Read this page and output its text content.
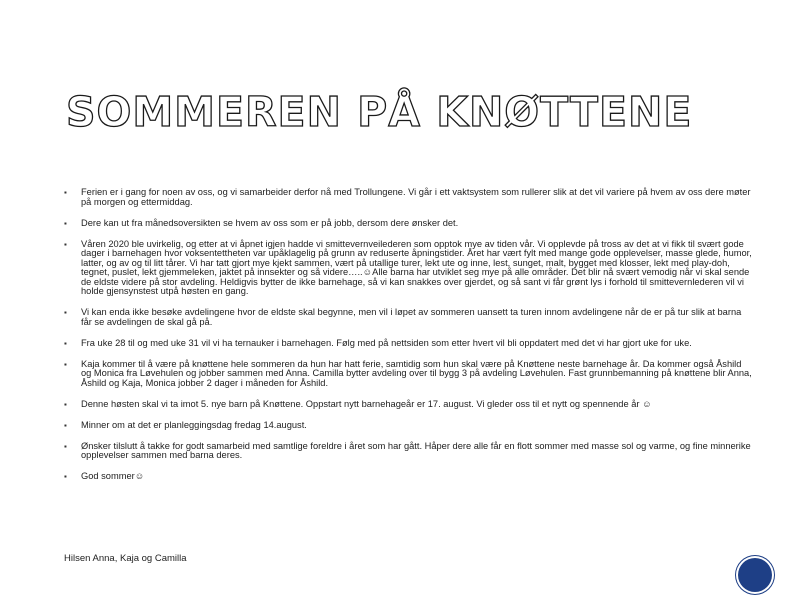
SOMMEREN PÅ KNØTTENE
▪ Ferien er i gang for noen av oss, og vi samarbeider derfor nå med Trollungene. Vi går i ett vaktsystem som rullerer slik at det vil variere på hvem av oss dere møter på morgen og ettermiddag.
▪ Dere kan ut fra månedsoversikten se hvem av oss som er på jobb, dersom dere ønsker det.
▪ Våren 2020 ble uvirkelig, og etter at vi åpnet igjen hadde vi smittevernveilederen som opptok mye av tiden vår. Vi opplevde på tross av det at vi fikk til svært gode dager i barnehagen hvor voksentettheten var upåklagelig på grunn av reduserte åpningstider. Året har vært fylt med mange gode opplevelser, masse glede, humor, latter, og av og til litt tårer. Vi har tatt gjort mye kjekt sammen, vært på utallige turer, lekt ute og inne, lest, sunget, malt, bygget med klosser, lekt med play-doh, tegnet, puslet, lekt gjemmeleken, jaktet på innsekter og så videre…..☺Alle barna har utviklet seg mye på alle områder. Det blir nå svært vemodig når vi skal sende de eldste videre på stor avdeling. Heldigvis bytter de ikke barnehage, så vi kan snakkes over gjerdet, og så sant vi får grønt lys i forhold til smittevernlederen vil vi holde gjensynstest utpå høsten en gang.
▪ Vi kan enda ikke besøke avdelingene hvor de eldste skal begynne, men vil i løpet av sommeren uansett ta turen innom avdelingene når de er på tur slik at barna får se avdelingen de skal gå på.
▪ Fra uke 28 til og med uke 31 vil vi ha ternauker i barnehagen. Følg med på nettsiden som etter hvert vil bli oppdatert med det vi har gjort uke for uke.
▪ Kaja kommer til å være på knøttene hele sommeren da hun har hatt ferie, samtidig som hun skal være på Knøttene neste barnehage år. Da kommer også Åshild og Monica fra Løvehulen og jobber sammen med Anna. Camilla bytter avdeling over til bygg 3 på avdeling Løvehulen. Fast grunnbemanning på knøttene blir Anna, Åshild og Kaja, Monica jobber 2 dager i måneden for Åshild.
▪ Denne høsten skal vi ta imot 5. nye barn på Knøttene. Oppstart nytt barnehageår er 17. august. Vi gleder oss til et nytt og spennende år ☺
▪ Minner om at det er planleggingsdag fredag 14.august.
▪ Ønsker tilslutt å takke for godt samarbeid med samtlige foreldre i året som har gått. Håper dere alle får en flott sommer med masse sol og varme, og fine minnerike opplevelser sammen med barna deres.
▪ God sommer☺
Hilsen Anna, Kaja og Camilla
